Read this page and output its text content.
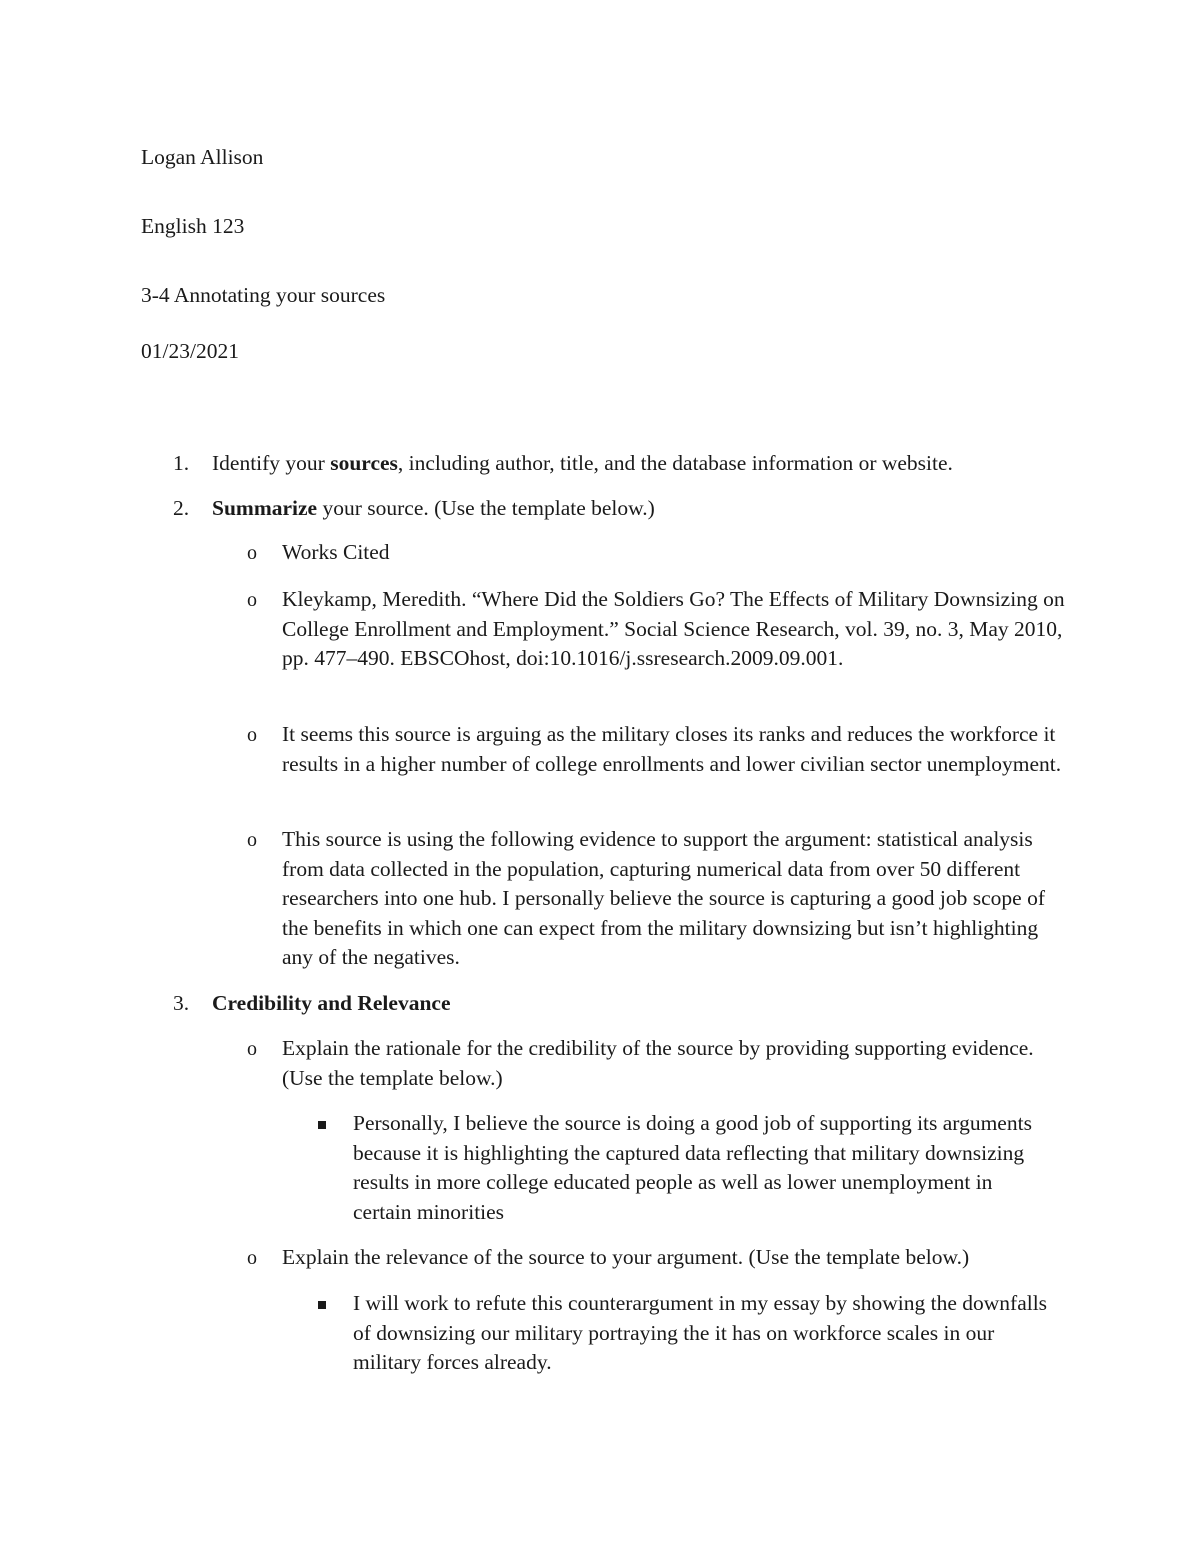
Logan Allison
English 123
3-4 Annotating your sources
01/23/2021
1.	Identify your sources, including author, title, and the database information or website.
2.	Summarize your source. (Use the template below.)
o	Works Cited
o	Kleykamp, Meredith. “Where Did the Soldiers Go? The Effects of Military Downsizing on College Enrollment and Employment.” Social Science Research, vol. 39, no. 3, May 2010, pp. 477–490. EBSCOhost, doi:10.1016/j.ssresearch.2009.09.001.
o	It seems this source is arguing as the military closes its ranks and reduces the workforce it results in a higher number of college enrollments and lower civilian sector unemployment.
o	This source is using the following evidence to support the argument: statistical analysis from data collected in the population, capturing numerical data from over 50 different researchers into one hub. I personally believe the source is capturing a good job scope of the benefits in which one can expect from the military downsizing but isn’t highlighting any of the negatives.
3.	Credibility and Relevance
o	Explain the rationale for the credibility of the source by providing supporting evidence. (Use the template below.)
Personally, I believe the source is doing a good job of supporting its arguments because it is highlighting the captured data reflecting that military downsizing results in more college educated people as well as lower unemployment in certain minorities
o	Explain the relevance of the source to your argument. (Use the template below.)
I will work to refute this counterargument in my essay by showing the downfalls of downsizing our military portraying the it has on workforce scales in our military forces already.
